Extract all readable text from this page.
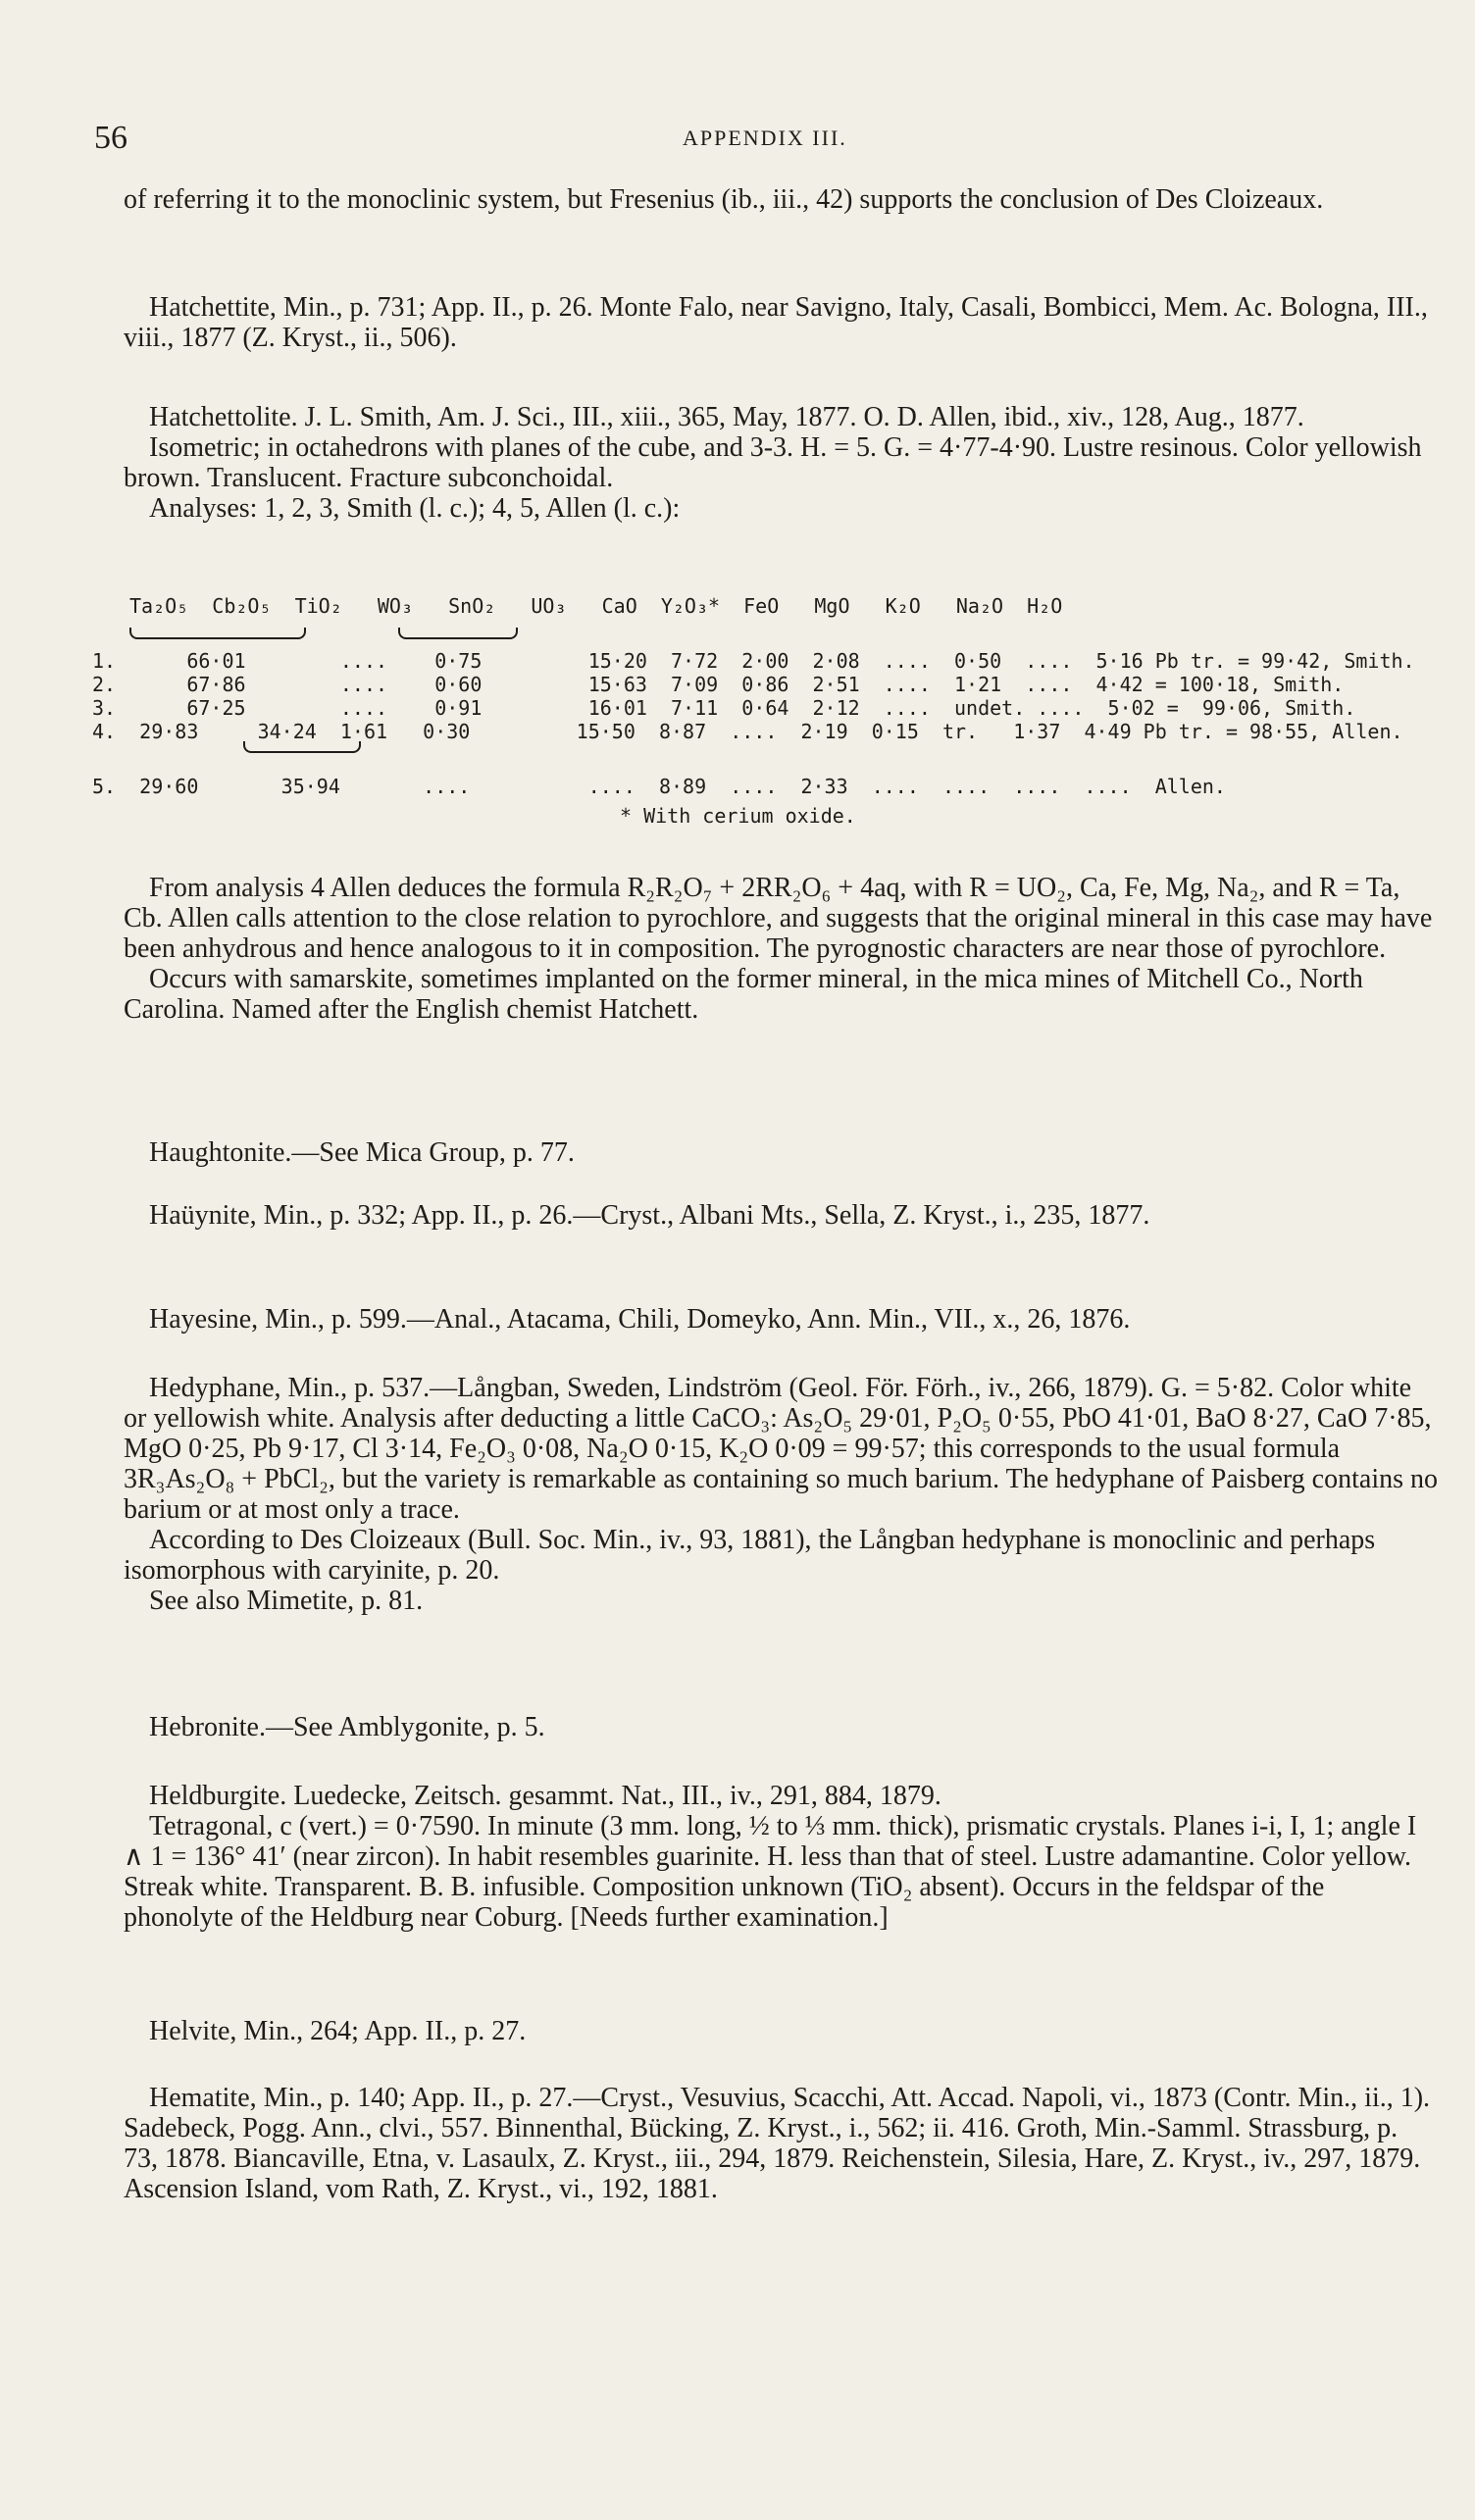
56	APPENDIX III.

of referring it to the monoclinic system, but Fresenius (ib., iii., 42) supports the conclusion of Des Cloizeaux.

Hatchettite, Min., p. 731; App. II., p. 26. Monte Falo, near Savigno, Italy, Casali, Bombicci, Mem. Ac. Bologna, III., viii., 1877 (Z. Kryst., ii., 506).

Hatchettolite. J. L. Smith, Am. J. Sci., III., xiii., 365, May, 1877. O. D. Allen, ibid., xiv., 128, Aug., 1877.

Isometric; in octahedrons with planes of the cube, and 3-3. H. = 5. G. = 4·77-4·90. Lustre resinous. Color yellowish brown. Translucent. Fracture subconchoidal.

Analyses: 1, 2, 3, Smith (l. c.); 4, 5, Allen (l. c.):

Ta₂O₅  Cb₂O₅  TiO₂   WO₃   SnO₂   UO₃   CaO  Y₂O₃*  FeO   MgO   K₂O   Na₂O  H₂O
1.      66·01        ....    0·75         15·20  7·72  2·00  2·08  ....  0·50  ....  5·16 Pb tr. = 99·42, Smith.
2.      67·86        ....    0·60         15·63  7·09  0·86  2·51  ....  1·21  ....  4·42 = 100·18, Smith.
3.      67·25        ....    0·91         16·01  7·11  0·64  2·12  ....  undet. ....  5·02 =  99·06, Smith.
4.  29·83     34·24  1·61   0·30         15·50  8·87  ....  2·19  0·15  tr.   1·37  4·49 Pb tr. = 98·55, Allen.
5.  29·60       35·94       ....          ....  8·89  ....  2·33  ....  ....  ....  ....  Allen.
* With cerium oxide.

From analysis 4 Allen deduces the formula R₂R₂O₇ + 2RR₂O₆ + 4aq, with R = UO₂, Ca, Fe, Mg, Na₂, and R = Ta, Cb. Allen calls attention to the close relation to pyrochlore, and suggests that the original mineral in this case may have been anhydrous and hence analogous to it in composition. The pyrognostic characters are near those of pyrochlore.

Occurs with samarskite, sometimes implanted on the former mineral, in the mica mines of Mitchell Co., North Carolina. Named after the English chemist Hatchett.

Haughtonite.—See Mica Group, p. 77.

Haüynite, Min., p. 332; App. II., p. 26.—Cryst., Albani Mts., Sella, Z. Kryst., i., 235, 1877.

Hayesine, Min., p. 599.—Anal., Atacama, Chili, Domeyko, Ann. Min., VII., x., 26, 1876.

Hedyphane, Min., p. 537.—Långban, Sweden, Lindström (Geol. För. Förh., iv., 266, 1879). G. = 5·82. Color white or yellowish white. Analysis after deducting a little CaCO₃: As₂O₅ 29·01, P₂O₅ 0·55, PbO 41·01, BaO 8·27, CaO 7·85, MgO 0·25, Pb 9·17, Cl 3·14, Fe₂O₃ 0·08, Na₂O 0·15, K₂O 0·09 = 99·57; this corresponds to the usual formula 3R₃As₂O₈ + PbCl₂, but the variety is remarkable as containing so much barium. The hedyphane of Paisberg contains no barium or at most only a trace.

According to Des Cloizeaux (Bull. Soc. Min., iv., 93, 1881), the Långban hedyphane is monoclinic and perhaps isomorphous with caryinite, p. 20.

See also Mimetite, p. 81.

Hebronite.—See Amblygonite, p. 5.

Heldburgite. Luedecke, Zeitsch. gesammt. Nat., III., iv., 291, 884, 1879.

Tetragonal, c (vert.) = 0·7590. In minute (3 mm. long, ½ to ⅓ mm. thick), prismatic crystals. Planes i-i, I, 1; angle I ∧ 1 = 136° 41′ (near zircon). In habit resembles guarinite. H. less than that of steel. Lustre adamantine. Color yellow. Streak white. Transparent. B. B. infusible. Composition unknown (TiO₂ absent). Occurs in the feldspar of the phonolyte of the Heldburg near Coburg. [Needs further examination.]

Helvite, Min., 264; App. II., p. 27.

Hematite, Min., p. 140; App. II., p. 27.—Cryst., Vesuvius, Scacchi, Att. Accad. Napoli, vi., 1873 (Contr. Min., ii., 1). Sadebeck, Pogg. Ann., clvi., 557. Binnenthal, Bücking, Z. Kryst., i., 562; ii. 416. Groth, Min.-Samml. Strassburg, p. 73, 1878. Biancaville, Etna, v. Lasaulx, Z. Kryst., iii., 294, 1879. Reichenstein, Silesia, Hare, Z. Kryst., iv., 297, 1879. Ascension Island, vom Rath, Z. Kryst., vi., 192, 1881.
